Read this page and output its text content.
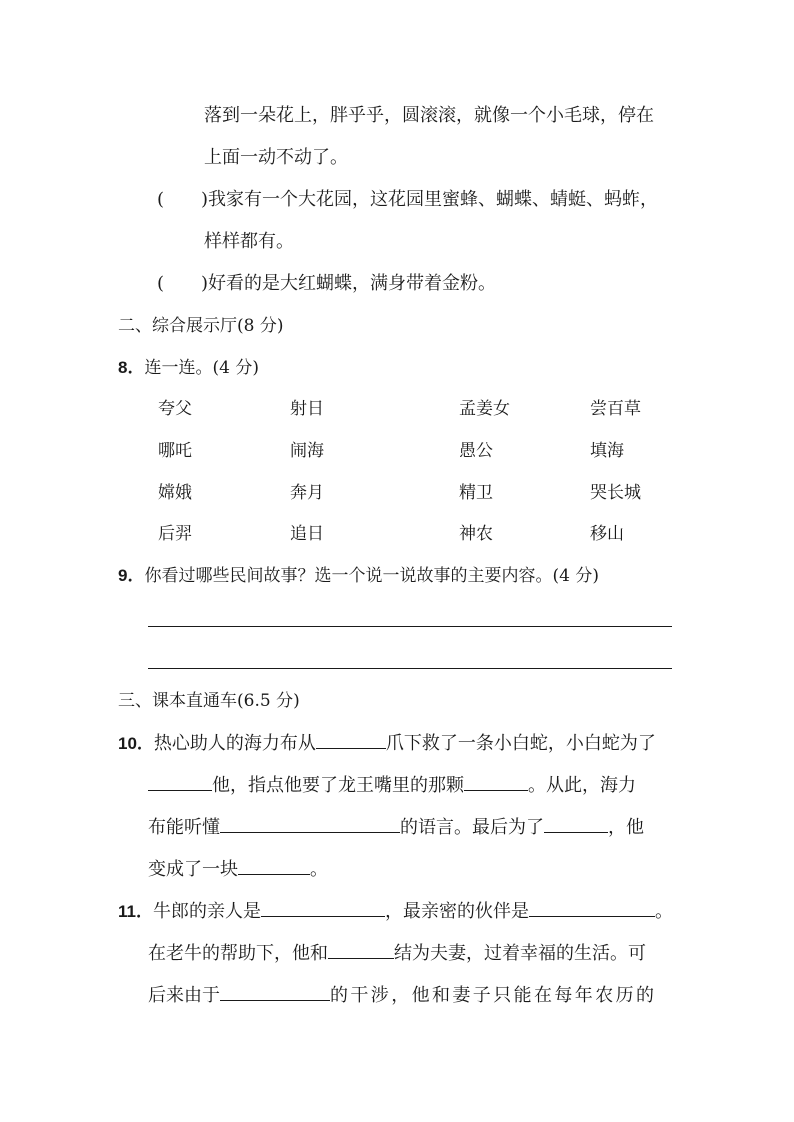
落到一朵花上，胖乎乎，圆滚滚，就像一个小毛球，停在
上面一动不动了。
( )我家有一个大花园，这花园里蜜蜂、蝴蝶、蜻蜓、蚂蚱，
样样都有。
( )好看的是大红蝴蝶，满身带着金粉。
二、综合展示厅(8 分)
8．连一连。(4 分)
夸父	射日	孟姜女	尝百草
哪吒	闹海	愚公	填海
嫦娥	奔月	精卫	哭长城
后羿	追日	神农	移山
9．你看过哪些民间故事？选一个说一说故事的主要内容。(4 分)
三、课本直通车(6.5 分)
10．热心助人的海力布从	爪下救了一条小白蛇，小白蛇为了
他，指点他要了龙王嘴里的那颗	。从此，海力
布能听懂	的语言。最后为了	，他
变成了一块	。
11．牛郎的亲人是	，最亲密的伙伴是	。
在老牛的帮助下，他和	结为夫妻，过着幸福的生活。可
后来由于	的干涉，他和妻子只能在每年农历的
